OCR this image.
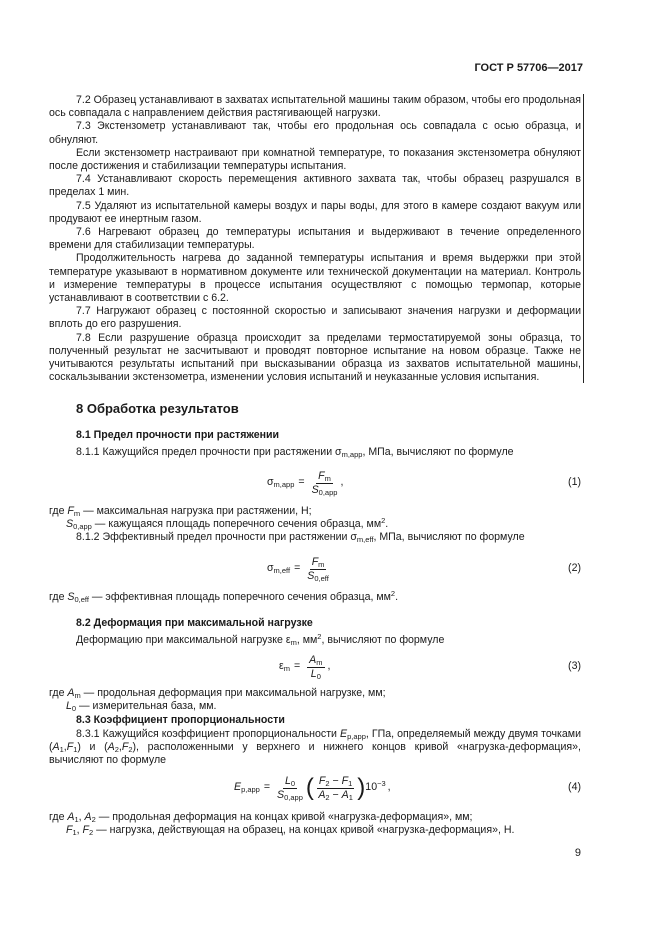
ГОСТ Р 57706—2017

7.2 Образец устанавливают в захватах испытательной машины таким образом, чтобы его продольная ось совпадала с направлением действия растягивающей нагрузки.

7.3 Экстензометр устанавливают так, чтобы его продольная ось совпадала с осью образца, и обнуляют.

Если экстензометр настраивают при комнатной температуре, то показания экстензометра обнуляют после достижения и стабилизации температуры испытания.

7.4 Устанавливают скорость перемещения активного захвата так, чтобы образец разрушался в пределах 1 мин.

7.5 Удаляют из испытательной камеры воздух и пары воды, для этого в камере создают вакуум или продувают ее инертным газом.

7.6 Нагревают образец до температуры испытания и выдерживают в течение определенного времени для стабилизации температуры.

Продолжительность нагрева до заданной температуры испытания и время выдержки при этой температуре указывают в нормативном документе или технической документации на материал. Контроль и измерение температуры в процессе испытания осуществляют с помощью термопар, которые устанавливают в соответствии с 6.2.

7.7 Нагружают образец с постоянной скоростью и записывают значения нагрузки и деформации вплоть до его разрушения.

7.8 Если разрушение образца происходит за пределами термостатируемой зоны образца, то полученный результат не засчитывают и проводят повторное испытание на новом образце. Также не учитываются результаты испытаний при высказывании образца из захватов испытательной машины, соскальзывании экстензометра, изменении условия испытаний и неуказанные условия испытания.

8 Обработка результатов

8.1 Предел прочности при растяжении

8.1.1 Кажущийся предел прочности при растяжении $\sigma_{m,app}$, МПа, вычисляют по формуле

$\sigma_{m,app}$ =
$F_m$
$S_{0,app}$
,	(1)

где $F_m$ — максимальная нагрузка при растяжении, Н;

$S_{0,app}$ — кажущаяся площадь поперечного сечения образца, $мм^2$.

8.1.2 Эффективный предел прочности при растяжении $\sigma_{m,eff}$, МПа, вычисляют по формуле

$\sigma_{m,eff}$ =
$F_m$
$S_{0,eff}$
(2)

где $S_{0,eff}$ — эффективная площадь поперечного сечения образца, $мм^2$.

8.2 Деформация при максимальной нагрузке

Деформацию при максимальной нагрузке $\varepsilon_m$, $мм^2$, вычисляют по формуле

$\varepsilon_m = \frac{A_m}{L_0}$ ,	(3)

где $A_m$ — продольная деформация при максимальной нагрузке, мм;

$L_0$ — измерительная база, мм.

8.3 Коэффициент пропорциональности

8.3.1 Кажущийся коэффициент пропорциональности $E_{p,app}$, ГПа, определяемый между двумя точками $(A_1,F_1)$ и $(A_2,F_2)$, расположенными у верхнего и нижнего концов кривой «нагрузка-деформация», вычисляют по формуле

$E_{p,app}$ =
$L_0$
$S_{0,app}$ ( $F_2 - F_1$
$A_2 - A_1$ ) $10^{-3}$ ,	(4)

где $A_1$, $A_2$ — продольная деформация на концах кривой «нагрузка-деформация», мм;

$F_1$, $F_2$ — нагрузка, действующая на образец, на концах кривой «нагрузка-деформация», Н.

9
